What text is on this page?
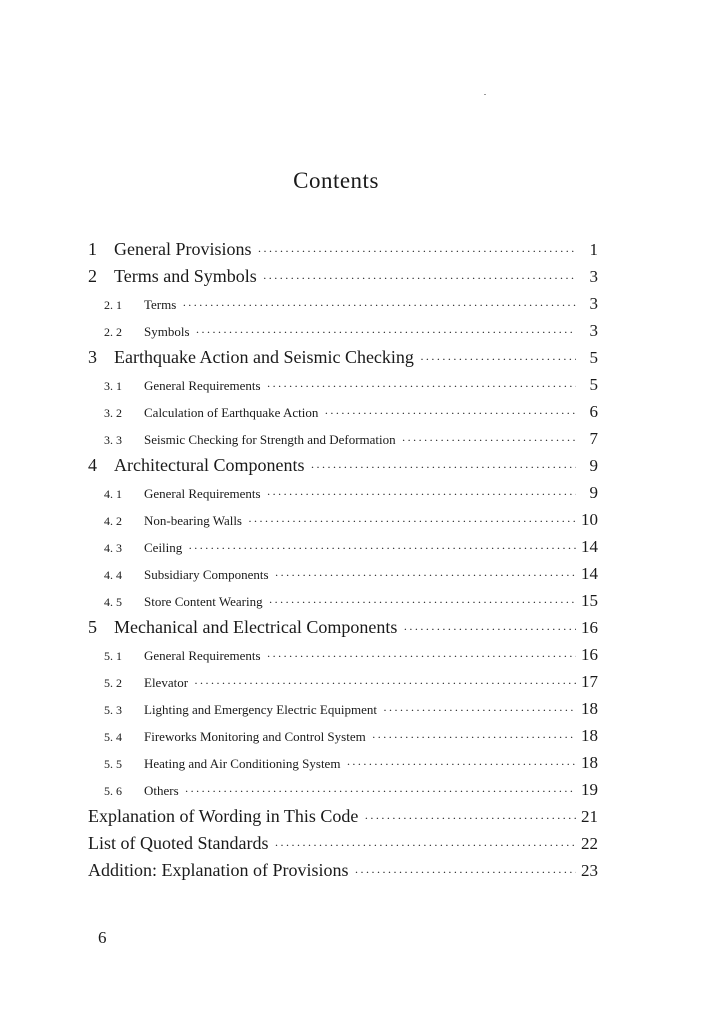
Contents
1 General Provisions ·····	1
2 Terms and Symbols ·····	3
2. 1	Terms ·····	3
2. 2	Symbols ·····	3
3 Earthquake Action and Seismic Checking ·····	5
3. 1	General Requirements ·····	5
3. 2	Calculation of Earthquake Action ·····	6
3. 3	Seismic Checking for Strength and Deformation ·····	7
4 Architectural Components ·····	9
4. 1	General Requirements ·····	9
4. 2	Non-bearing Walls ·····	10
4. 3	Ceiling ·····	14
4. 4	Subsidiary Components ·····	14
4. 5	Store Content Wearing ·····	15
5 Mechanical and Electrical Components ·····	16
5. 1	General Requirements ·····	16
5. 2	Elevator ·····	17
5. 3	Lighting and Emergency Electric Equipment ·····	18
5. 4	Fireworks Monitoring and Control System ·····	18
5. 5	Heating and Air Conditioning System ·····	18
5. 6	Others ·····	19
Explanation of Wording in This Code ·····	21
List of Quoted Standards ·····	22
Addition: Explanation of Provisions ·····	23
6
